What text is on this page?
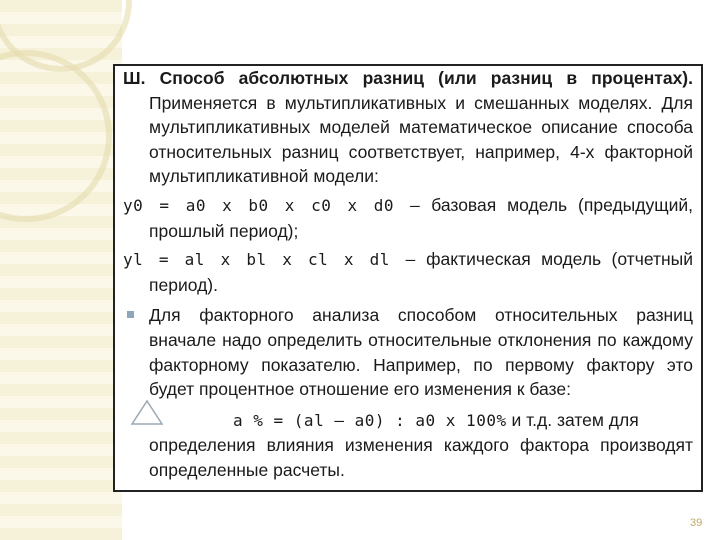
Ш. Способ абсолютных разниц (или разниц в процентах). Применяется в мультипликативных и смешанных моделях. Для мультипликативных моделей математическое описание способа относительных разниц соответствует, например, 4-х факторной мультипликативной модели:

y0 = a0 x b0 x c0 x d0 – базовая модель (предыдущий, прошлый период);

yl = al x bl x cl x dl – фактическая модель (отчетный период).

Для факторного анализа способом относительных разниц вначале надо определить относительные отклонения по каждому факторному показателю. Например, по первому фактору это будет процентное отношение его изменения к базе:
a % = (al – a0) : a0 x 100% и т.д. затем для
определения влияния изменения каждого фактора производят определенные расчеты.
39
